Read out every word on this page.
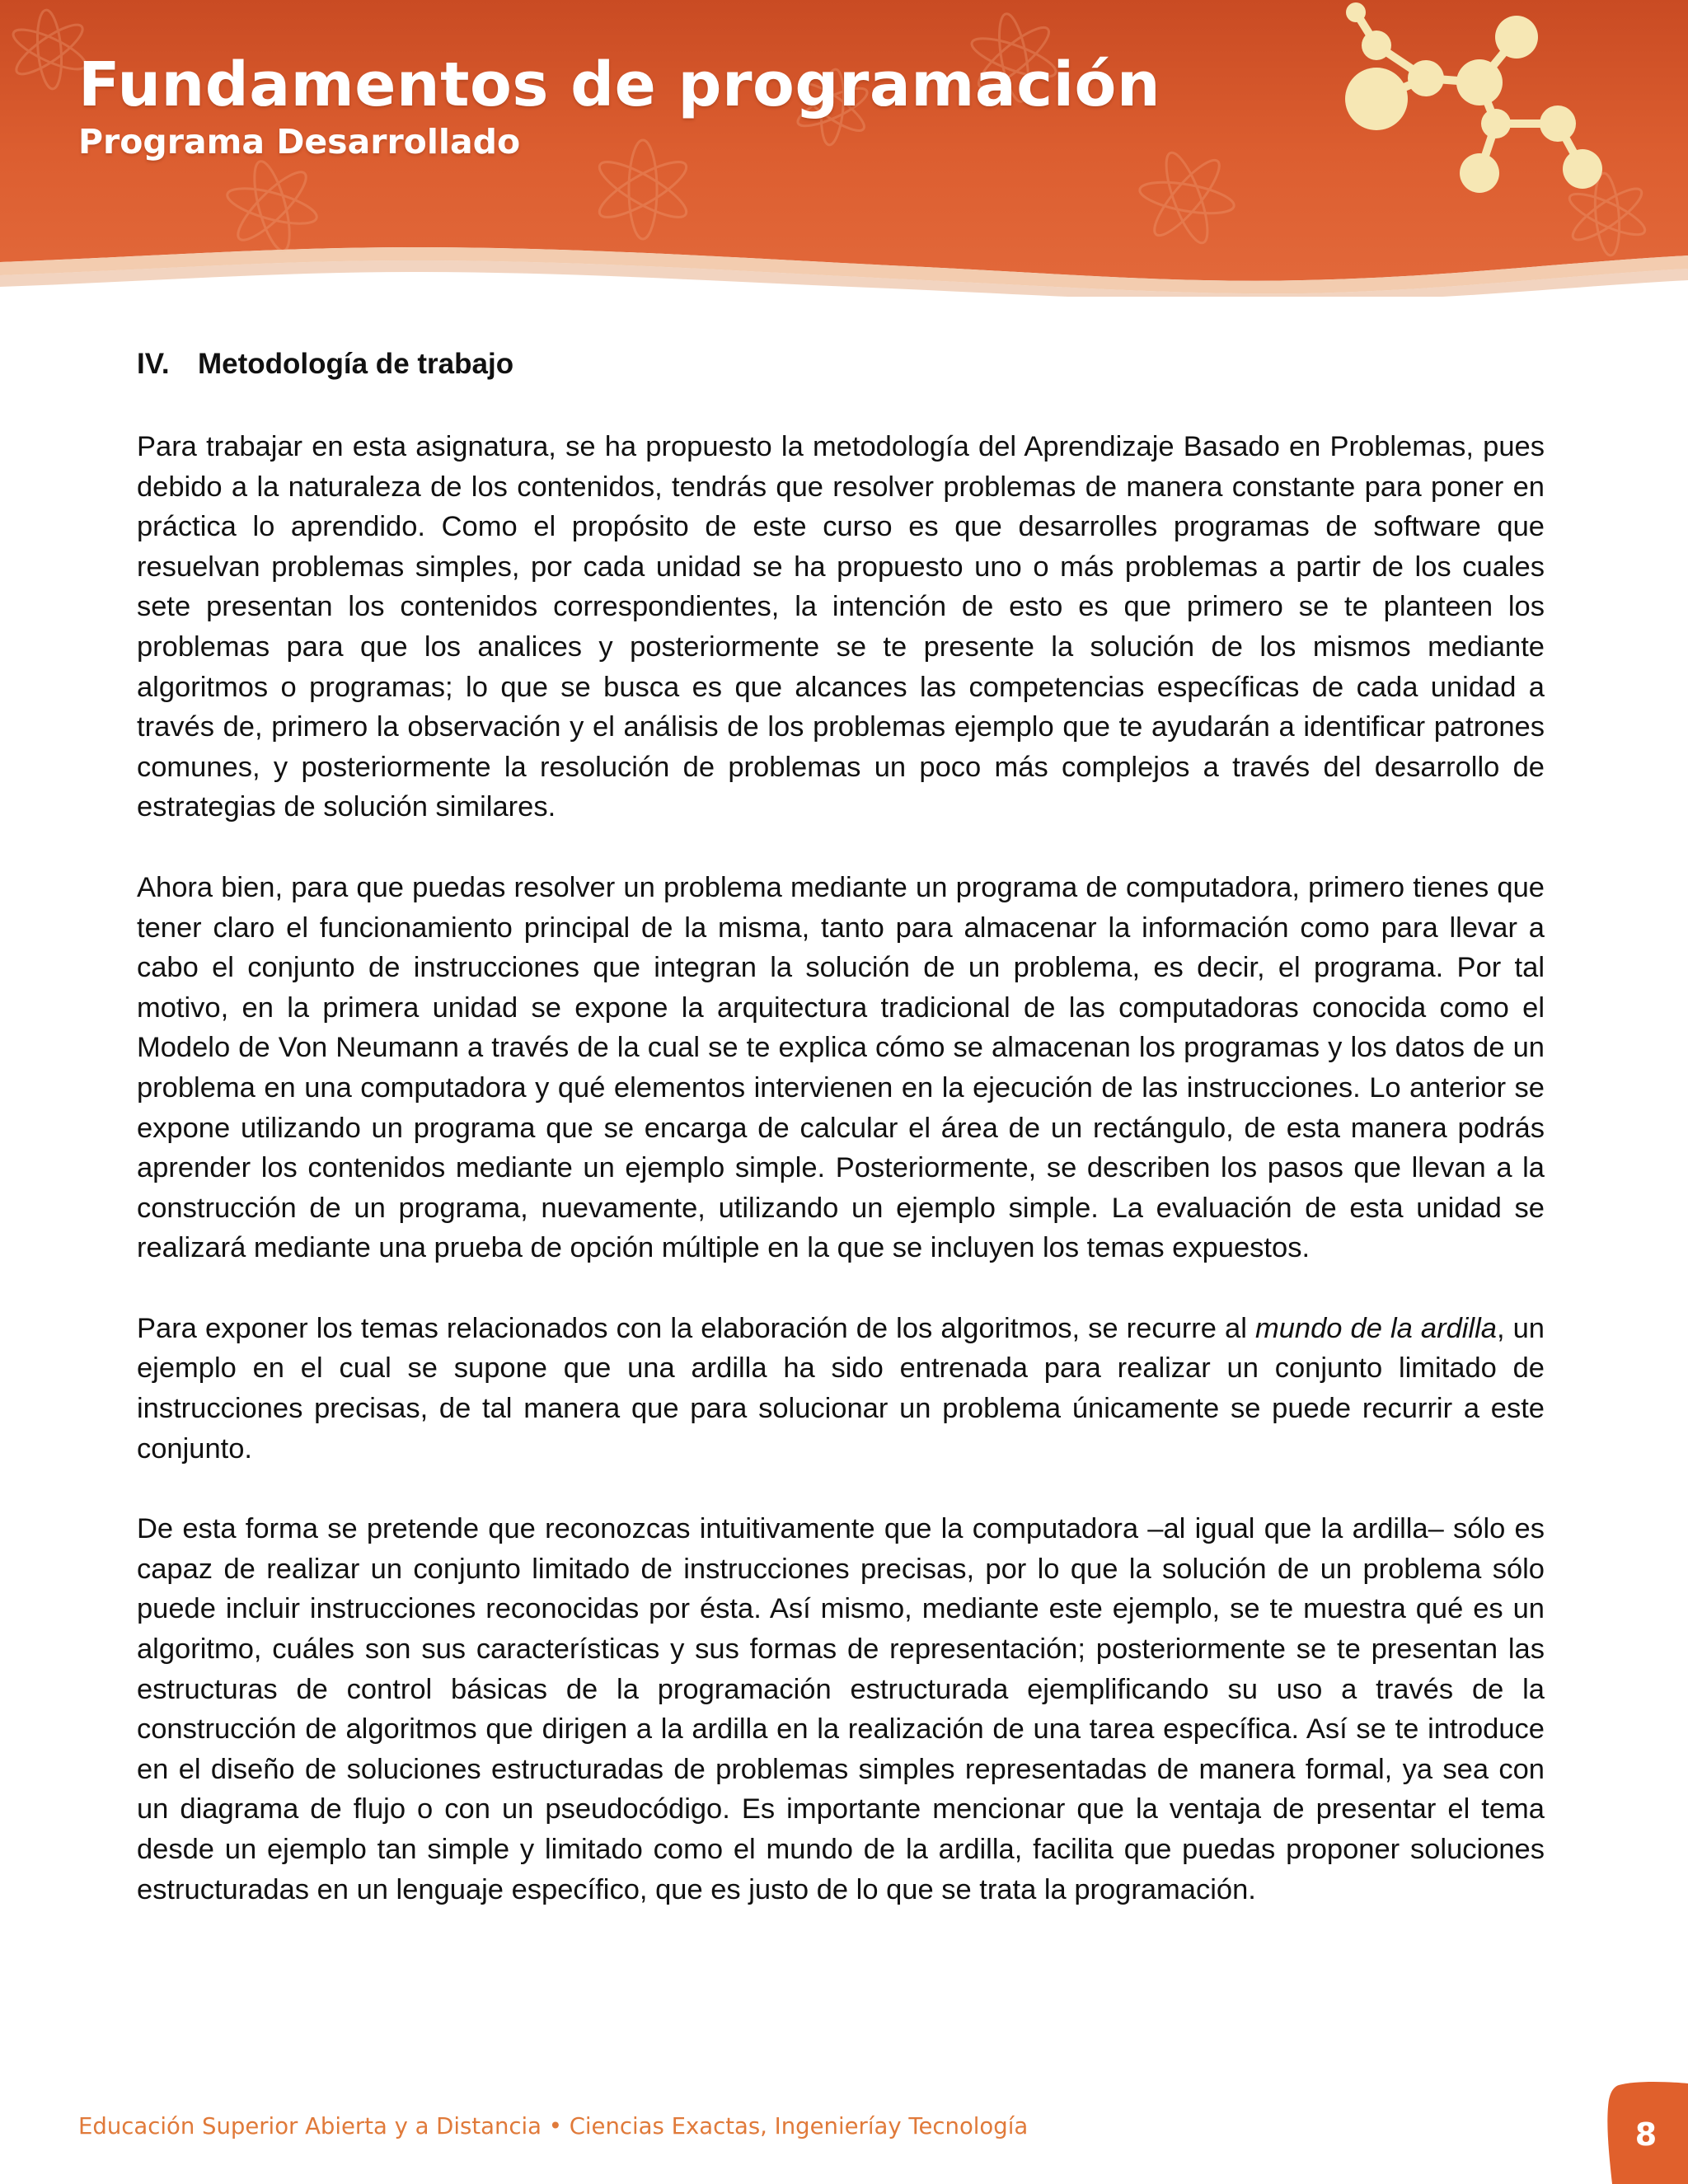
Fundamentos de programación
Programa Desarrollado
IV. Metodología de trabajo

Para trabajar en esta asignatura, se ha propuesto la metodología del Aprendizaje Basado en Problemas, pues debido a la naturaleza de los contenidos, tendrás que resolver problemas de manera constante para poner en práctica lo aprendido. Como el propósito de este curso es que desarrolles programas de software que resuelvan problemas simples, por cada unidad se ha propuesto uno o más problemas a partir de los cuales sete presentan los contenidos correspondientes, la intención de esto es que primero se te planteen los problemas para que los analices y posteriormente se te presente la solución de los mismos mediante algoritmos o programas; lo que se busca es que alcances las competencias específicas de cada unidad a través de, primero la observación y el análisis de los problemas ejemplo que te ayudarán a identificar patrones comunes, y posteriormente la resolución de problemas un poco más complejos a través del desarrollo de estrategias de solución similares.

Ahora bien, para que puedas resolver un problema mediante un programa de computadora, primero tienes que tener claro el funcionamiento principal de la misma, tanto para almacenar la información como para llevar a cabo el conjunto de instrucciones que integran la solución de un problema, es decir, el programa. Por tal motivo, en la primera unidad se expone la arquitectura tradicional de las computadoras conocida como el Modelo de Von Neumann a través de la cual se te explica cómo se almacenan los programas y los datos de un problema en una computadora y qué elementos intervienen en la ejecución de las instrucciones. Lo anterior se expone utilizando un programa que se encarga de calcular el área de un rectángulo, de esta manera podrás aprender los contenidos mediante un ejemplo simple. Posteriormente, se describen los pasos que llevan a la construcción de un programa, nuevamente, utilizando un ejemplo simple. La evaluación de esta unidad se realizará mediante una prueba de opción múltiple en la que se incluyen los temas expuestos.

Para exponer los temas relacionados con la elaboración de los algoritmos, se recurre al mundo de la ardilla, un ejemplo en el cual se supone que una ardilla ha sido entrenada para realizar un conjunto limitado de instrucciones precisas, de tal manera que para solucionar un problema únicamente se puede recurrir a este conjunto.

De esta forma se pretende que reconozcas intuitivamente que la computadora –al igual que la ardilla– sólo es capaz de realizar un conjunto limitado de instrucciones precisas, por lo que la solución de un problema sólo puede incluir instrucciones reconocidas por ésta. Así mismo, mediante este ejemplo, se te muestra qué es un algoritmo, cuáles son sus características y sus formas de representación; posteriormente se te presentan las estructuras de control básicas de la programación estructurada ejemplificando su uso a través de la construcción de algoritmos que dirigen a la ardilla en la realización de una tarea específica. Así se te introduce en el diseño de soluciones estructuradas de problemas simples representadas de manera formal, ya sea con un diagrama de flujo o con un pseudocódigo. Es importante mencionar que la ventaja de presentar el tema desde un ejemplo tan simple y limitado como el mundo de la ardilla, facilita que puedas proponer soluciones estructuradas en un lenguaje específico, que es justo de lo que se trata la programación.

Educación Superior Abierta y a Distancia • Ciencias Exactas, Ingenieríay Tecnología	8
